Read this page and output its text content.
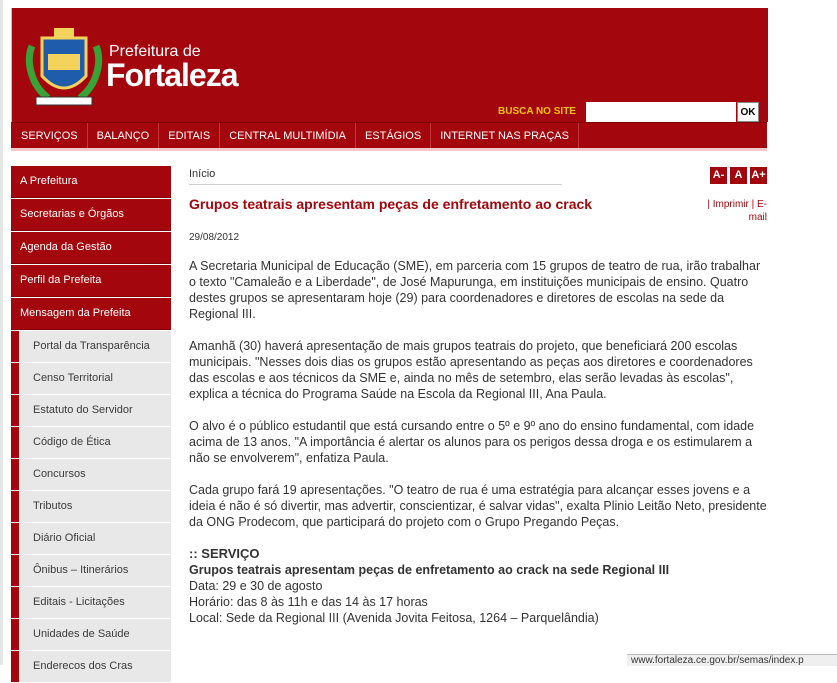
Prefeitura de
Fortaleza
BUSCA NO SITE	OK
SERVIÇOS	BALANÇO	EDITAIS	CENTRAL MULTIMÍDIA	ESTÁGIOS	INTERNET NAS PRAÇAS
A Prefeitura
Secretarias e Órgãos
Agenda da Gestão
Perfil da Prefeita
Mensagem da Prefeita
Portal da Transparência
Censo Territorial
Estatuto do Servidor
Código de Ética
Concursos
Tributos
Diário Oficial
Ônibus – Itinerários
Editais - Licitações
Unidades de Saúde
Enderecos dos Cras
Início	A- A A+
Grupos teatrais apresentam peças de enfretamento ao crack	| Imprimir | E-mail
29/08/2012

A Secretaria Municipal de Educação (SME), em parceria com 15 grupos de teatro de rua, irão trabalhar o texto "Camaleão e a Liberdade", de José Mapurunga, em instituições municipais de ensino. Quatro destes grupos se apresentaram hoje (29) para coordenadores e diretores de escolas na sede da Regional III.

Amanhã (30) haverá apresentação de mais grupos teatrais do projeto, que beneficiará 200 escolas municipais. "Nesses dois dias os grupos estão apresentando as peças aos diretores e coordenadores das escolas e aos técnicos da SME e, ainda no mês de setembro, elas serão levadas às escolas", explica a técnica do Programa Saúde na Escola da Regional III, Ana Paula.

O alvo é o público estudantil que está cursando entre o 5º e 9º ano do ensino fundamental, com idade acima de 13 anos. "A importância é alertar os alunos para os perigos dessa droga e os estimularem a não se envolverem", enfatiza Paula.

Cada grupo fará 19 apresentações. "O teatro de rua é uma estratégia para alcançar esses jovens e a ideia é não é só divertir, mas advertir, conscientizar, é salvar vidas", exalta Plinio Leitão Neto, presidente da ONG Prodecom, que participará do projeto com o Grupo Pregando Peças.

:: SERVIÇO
Grupos teatrais apresentam peças de enfretamento ao crack na sede Regional III
Data: 29 e 30 de agosto
Horário: das 8 às 11h e das 14 às 17 horas
Local: Sede da Regional III (Avenida Jovita Feitosa, 1264 – Parquelândia)
www.fortaleza.ce.gov.br/semas/index.p
